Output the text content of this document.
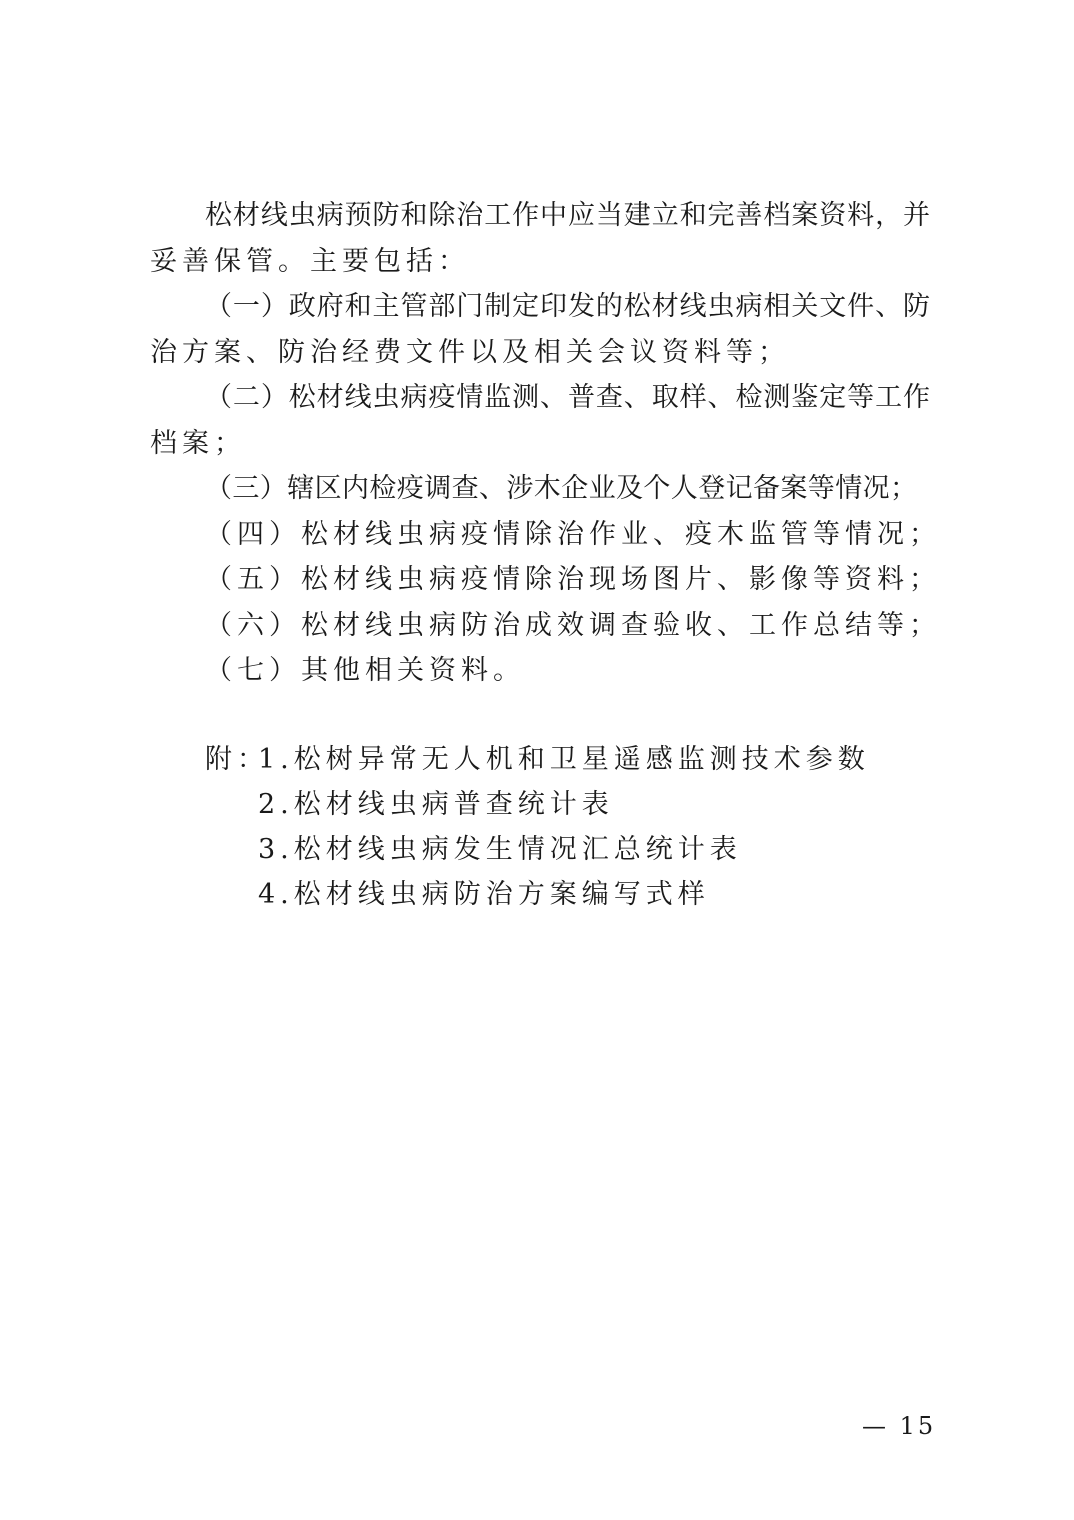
松材线虫病预防和除治工作中应当建立和完善档案资料，并
妥善保管。主要包括：
（一）政府和主管部门制定印发的松材线虫病相关文件、防
治方案、防治经费文件以及相关会议资料等；
（二）松材线虫病疫情监测、普查、取样、检测鉴定等工作
档案；
（三）辖区内检疫调查、涉木企业及个人登记备案等情况；
（四）松材线虫病疫情除治作业、疫木监管等情况；
（五）松材线虫病疫情除治现场图片、影像等资料；
（六）松材线虫病防治成效调查验收、工作总结等；
（七）其他相关资料。
附：
1.松树异常无人机和卫星遥感监测技术参数
2.松材线虫病普查统计表
3.松材线虫病发生情况汇总统计表
4.松材线虫病防治方案编写式样
— 15
